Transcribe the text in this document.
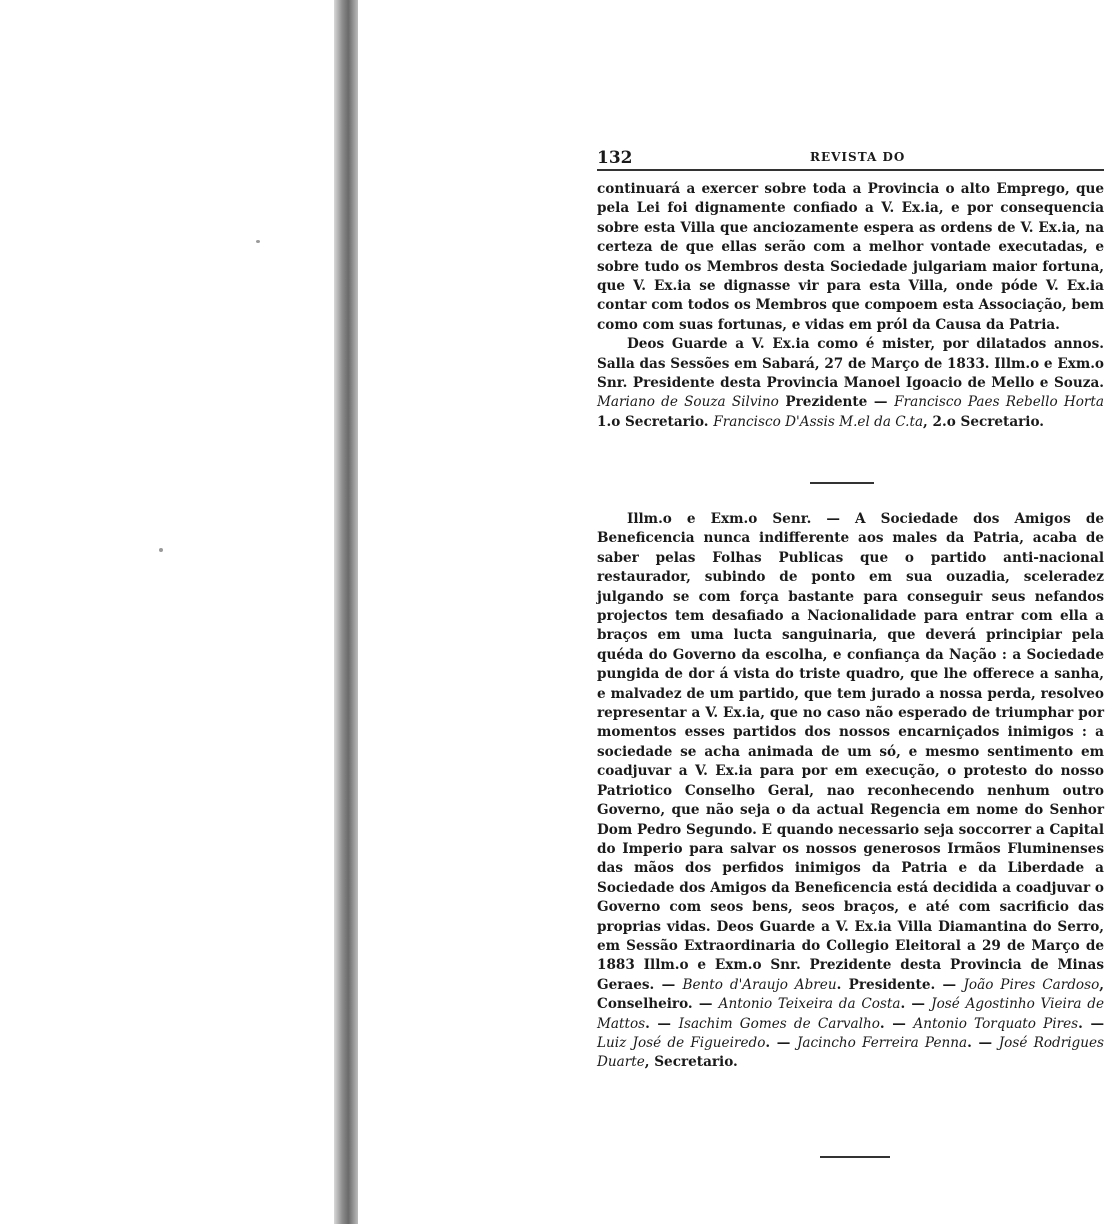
132	REVISTA DO

continuará a exercer sobre toda a Provincia o alto Emprego, que pela Lei foi dignamente confiado a V. Ex.ia, e por consequencia sobre esta Villa que anciozamente espera as ordens de V. Ex.ia, na certeza de que ellas serão com a melhor vontade executadas, e sobre tudo os Membros desta Sociedade julgariam maior fortuna, que V. Ex.ia se dignasse vir para esta Villa, onde póde V. Ex.ia contar com todos os Membros que compoem esta Associação, bem como com suas fortunas, e vidas em pról da Causa da Patria.

Deos Guarde a V. Ex.ia como é mister, por dilatados annos. Salla das Sessões em Sabará, 27 de Março de 1833. Illm.o e Exm.o Snr. Presidente desta Provincia Manoel Igoacio de Mello e Souza. Mariano de Souza Silvino Prezidente — Francisco Paes Rebello Horta 1.o Secretario. Francisco D'Assis M.el da C.ta, 2.o Secretario.

Illm.o e Exm.o Senr. — A Sociedade dos Amigos de Beneficencia nunca indifferente aos males da Patria, acaba de saber pelas Folhas Publicas que o partido anti-nacional restaurador, subindo de ponto em sua ouzadia, sceleradez julgando se com força bastante para conseguir seus nefandos projectos tem desafiado a Nacionalidade para entrar com ella a braços em uma lucta sanguinaria, que deverá principiar pela quéda do Governo da escolha, e confiança da Nação : a Sociedade pungida de dor á vista do triste quadro, que lhe offerece a sanha, e malvadez de um partido, que tem jurado a nossa perda, resolveo representar a V. Ex.ia, que no caso não esperado de triumphar por momentos esses partidos dos nossos encarniçados inimigos : a sociedade se acha animada de um só, e mesmo sentimento em coadjuvar a V. Ex.ia para por em execução, o protesto do nosso Patriotico Conselho Geral, nao reconhecendo nenhum outro Governo, que não seja o da actual Regencia em nome do Senhor Dom Pedro Segundo. E quando necessario seja soccorrer a Capital do Imperio para salvar os nossos generosos Irmãos Fluminenses das mãos dos perfidos inimigos da Patria e da Liberdade a Sociedade dos Amigos da Beneficencia está decidida a coadjuvar o Governo com seos bens, seos braços, e até com sacrificio das proprias vidas. Deos Guarde a V. Ex.ia Villa Diamantina do Serro, em Sessão Extraordinaria do Collegio Eleitoral a 29 de Março de 1883 Illm.o e Exm.o Snr. Prezidente desta Provincia de Minas Geraes. — Bento d'Araujo Abreu. Presidente. — João Pires Cardoso, Conselheiro. — Antonio Teixeira da Costa. — José Agostinho Vieira de Mattos. — Isachim Gomes de Carvalho. — Antonio Torquato Pires. — Luiz José de Figueiredo. — Jacincho Ferreira Penna. — José Rodrigues Duarte, Secretario.
